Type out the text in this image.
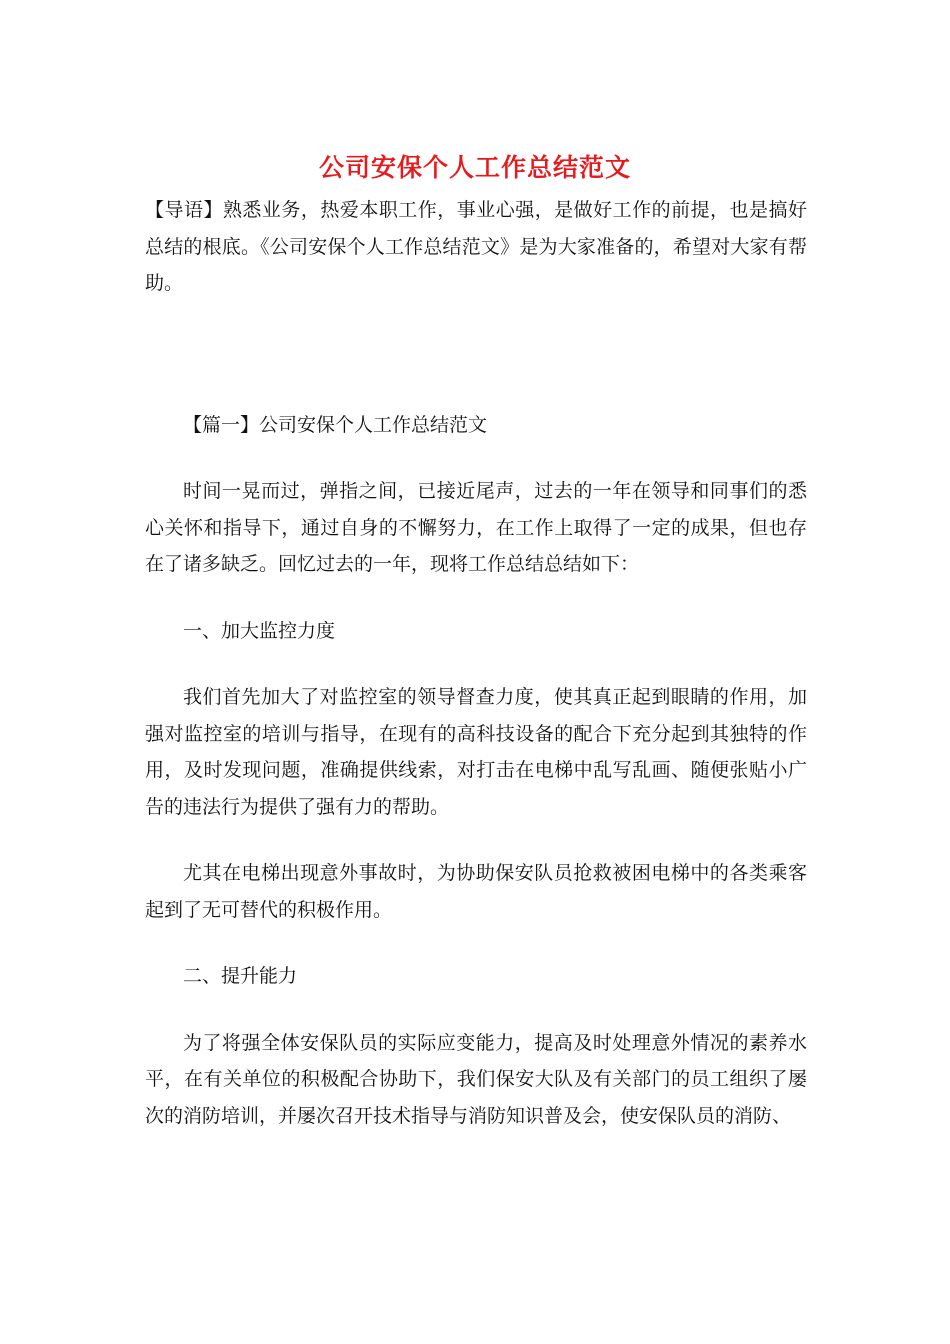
公司安保个人工作总结范文

【导语】熟悉业务，热爱本职工作，事业心强，是做好工作的前提，也是搞好总结的根底。《公司安保个人工作总结范文》是为大家准备的，希望对大家有帮助。

【篇一】公司安保个人工作总结范文

时间一晃而过，弹指之间，已接近尾声，过去的一年在领导和同事们的悉心关怀和指导下，通过自身的不懈努力，在工作上取得了一定的成果，但也存在了诸多缺乏。回忆过去的一年，现将工作总结总结如下：

一、加大监控力度

我们首先加大了对监控室的领导督查力度，使其真正起到眼睛的作用，加强对监控室的培训与指导，在现有的高科技设备的配合下充分起到其独特的作用，及时发现问题，准确提供线索，对打击在电梯中乱写乱画、随便张贴小广告的违法行为提供了强有力的帮助。

尤其在电梯出现意外事故时，为协助保安队员抢救被困电梯中的各类乘客起到了无可替代的积极作用。

二、提升能力

为了将强全体安保队员的实际应变能力，提高及时处理意外情况的素养水平，在有关单位的积极配合协助下，我们保安大队及有关部门的员工组织了屡次的消防培训，并屡次召开技术指导与消防知识普及会，使安保队员的消防、
